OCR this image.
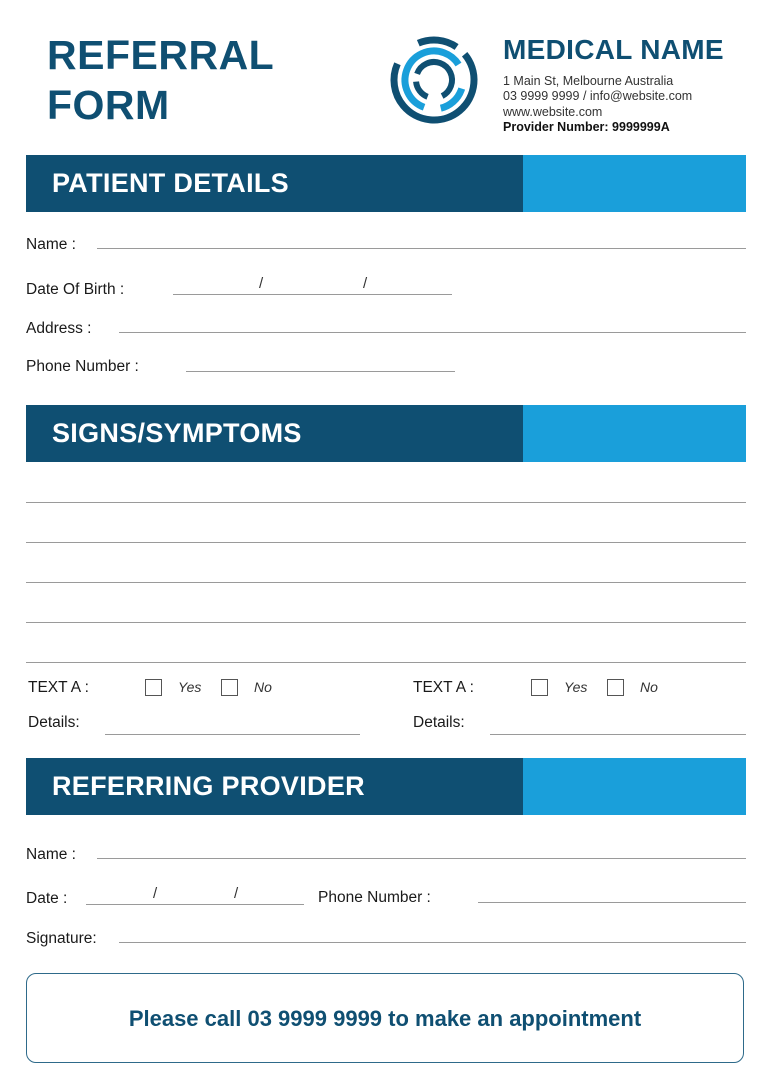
REFERRAL
FORM
MEDICAL NAME
1 Main St, Melbourne Australia
03 9999 9999 / info@website.com
www.website.com
Provider Number: 9999999A
PATIENT DETAILS
Name :
Date Of Birth :	/	/
Address :
Phone Number :
SIGNS/SYMPTOMS
TEXT A :	Yes	No
Details:
TEXT A :	Yes	No
Details:
REFERRING PROVIDER
Name :
Date :	/	/	Phone Number :
Signature:
Please call 03 9999 9999 to make an appointment
